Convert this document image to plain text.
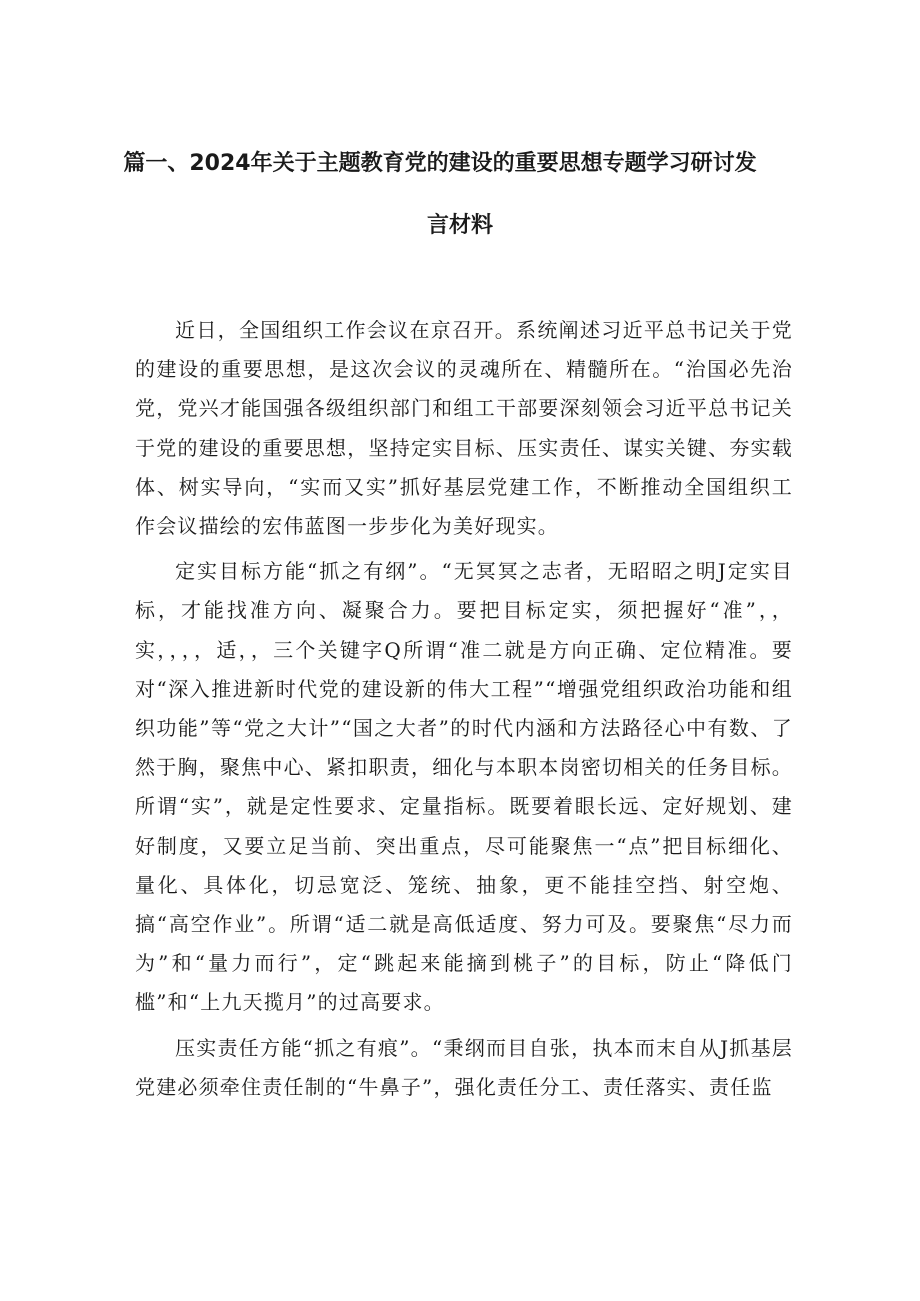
篇一、2024年关于主题教育党的建设的重要思想专题学习研讨发
言材料

近日，全国组织工作会议在京召开。系统阐述习近平总书记关于党的建设的重要思想，是这次会议的灵魂所在、精髓所在。“治国必先治党，党兴才能国强各级组织部门和组工干部要深刻领会习近平总书记关于党的建设的重要思想，坚持定实目标、压实责任、谋实关键、夯实载体、树实导向，“实而又实”抓好基层党建工作，不断推动全国组织工作会议描绘的宏伟蓝图一步步化为美好现实。

定实目标方能“抓之有纲”。“无冥冥之志者，无昭昭之明J定实目标，才能找准方向、凝聚合力。要把目标定实，须把握好“准”，，实，，，，适，，三个关键字Q所谓“准二就是方向正确、定位精准。要对“深入推进新时代党的建设新的伟大工程”“增强党组织政治功能和组织功能”等“党之大计”“国之大者”的时代内涵和方法路径心中有数、了然于胸，聚焦中心、紧扣职责，细化与本职本岗密切相关的任务目标。所谓“实”，就是定性要求、定量指标。既要着眼长远、定好规划、建好制度，又要立足当前、突出重点，尽可能聚焦一“点”把目标细化、量化、具体化，切忌宽泛、笼统、抽象，更不能挂空挡、射空炮、搞“高空作业”。所谓“适二就是高低适度、努力可及。要聚焦“尽力而为”和“量力而行”，定“跳起来能摘到桃子”的目标，防止“降低门槛”和“上九天揽月”的过高要求。

压实责任方能“抓之有痕”。“秉纲而目自张，执本而末自从J抓基层党建必须牵住责任制的“牛鼻子”，强化责任分工、责任落实、责任监
